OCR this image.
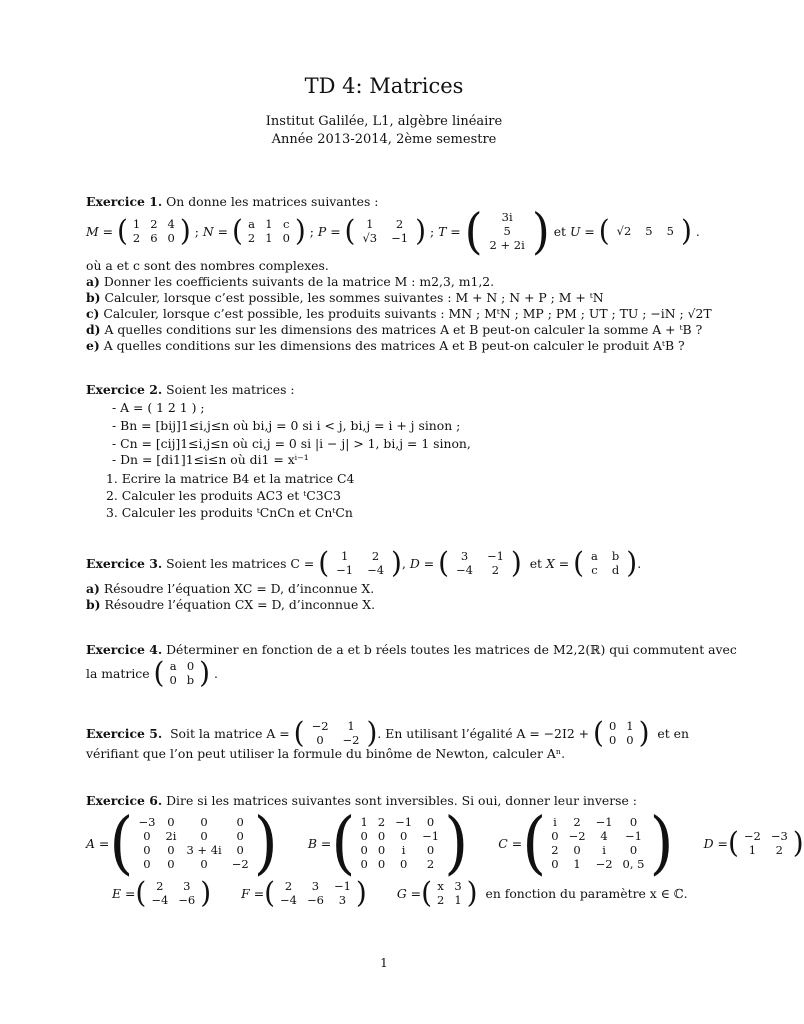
TD 4: Matrices
Institut Galilée, L1, algèbre linéaire
Année 2013-2014, 2ème semestre
Exercice 1. On donne les matrices suivantes :
M = ( 1	2	4
2	6	0 ) ; N = ( a	1	c
2	1	0 ) ; P = ( 1	2
√3	−1 ) ; T = ( 3i
5
2 + 2i ) et U = ( √2	5	5 ) .
où a et c sont des nombres complexes.
a) Donner les coefficients suivants de la matrice M : m2,3, m1,2.
b) Calculer, lorsque c’est possible, les sommes suivantes : M + N ; N + P ; M + ᵗN
c) Calculer, lorsque c’est possible, les produits suivants : MN ; MᵗN ; MP ; PM ; UT ; TU ; −iN ; √2T
d) A quelles conditions sur les dimensions des matrices A et B peut-on calculer la somme A + ᵗB ?
e) A quelles conditions sur les dimensions des matrices A et B peut-on calculer le produit AᵗB ?
Exercice 2. Soient les matrices :
- A = ( 1 2 1 ) ;
- Bn = [bij]1≤i,j≤n où bi,j = 0 si i < j, bi,j = i + j sinon ;
- Cn = [cij]1≤i,j≤n où ci,j = 0 si |i − j| > 1, bi,j = 1 sinon,
- Dn = [di1]1≤i≤n où di1 = xⁱ⁻¹
1. Ecrire la matrice B4 et la matrice C4
2. Calculer les produits AC3 et ᵗC3C3
3. Calculer les produits ᵗCnCn et CnᵗCn
Exercice 3.
Soient les matrices C =
( 1	2
−1	−4 ) , D = ( 3	−1
−4	2 ) et X = ( a	b
c	d ) .
a) Résoudre l’équation XC = D, d’inconnue X.
b) Résoudre l’équation CX = D, d’inconnue X.
Exercice 4. Déterminer en fonction de a et b réels toutes les matrices de M2,2(ℝ) qui commutent avec
la matrice
( a	0
0	b ) .
Exercice 5.
Soit la matrice A =
( −2	1
0	−2 ) . En utilisant l’égalité A = −2I2 +
( 0	1
0	0 )
et en
vérifiant que l’on peut utiliser la formule du binôme de Newton, calculer Aⁿ.
Exercice 6. Dire si les matrices suivantes sont inversibles. Si oui, donner leur inverse :
A = ( −3	0	0	0
0	2i	0	0
0	0	3 + 4i	0
0	0	0	−2 ) B = ( 1	2	−1	0
0	0	0	−1
0	0	i	0
0	0	0	2 ) C = ( i	2	−1	0
0	−2	4	−1
2	0	i	0
0	1	−2	0, 5 ) D = ( −2	−3
1	2 )
E = ( 2	3
−4	−6 ) F = ( 2	3	−1
−4	−6	3 ) G = ( x	3
2	1 )
en fonction du paramètre x ∈ ℂ.
1
